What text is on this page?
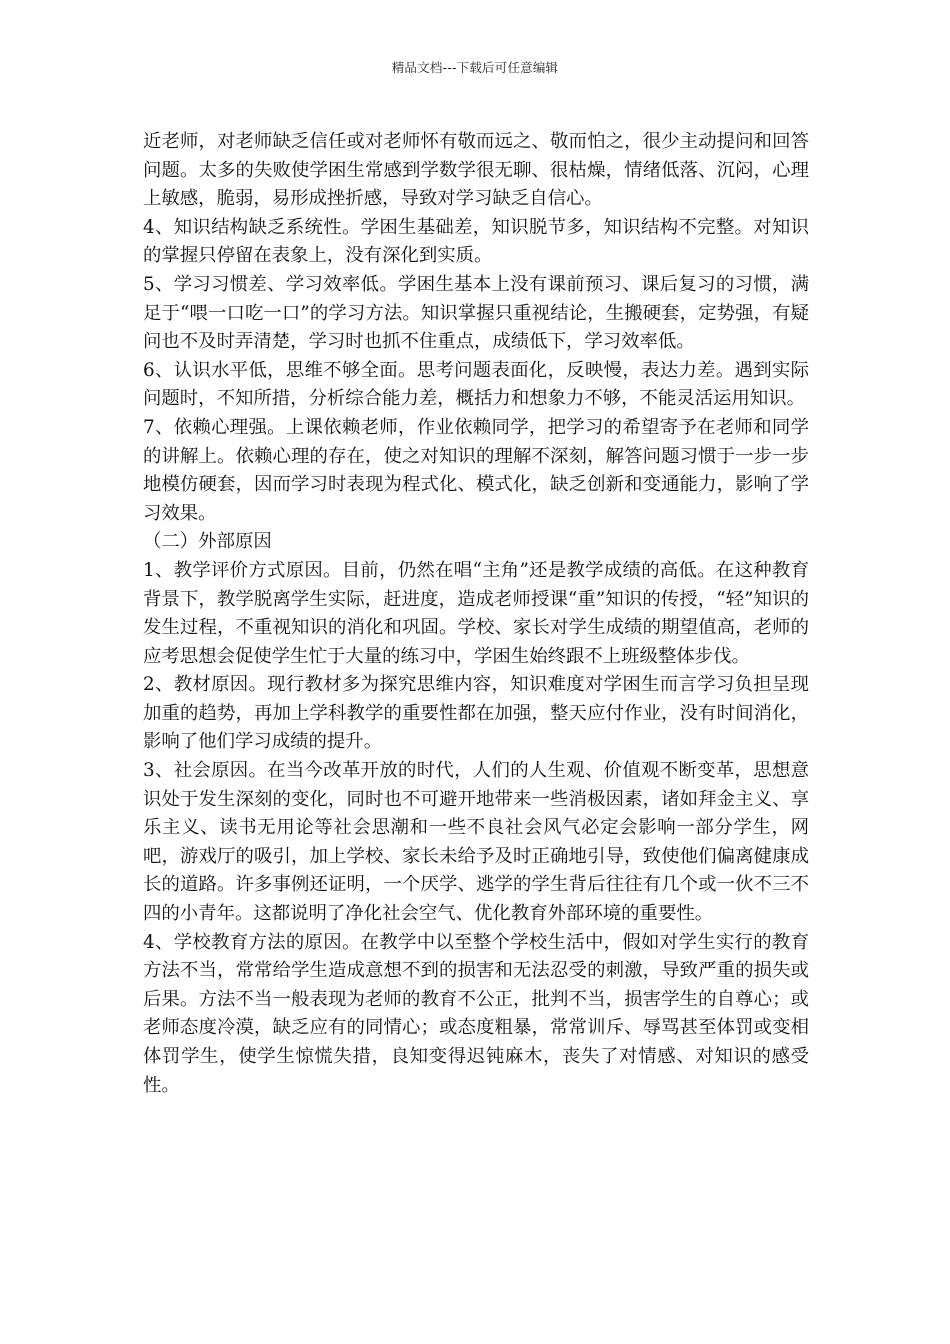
精品文档---下载后可任意编辑

近老师，对老师缺乏信任或对老师怀有敬而远之、敬而怕之，很少主动提问和回答问题。太多的失败使学困生常感到学数学很无聊、很枯燥，情绪低落、沉闷，心理上敏感，脆弱，易形成挫折感，导致对学习缺乏自信心。

4、知识结构缺乏系统性。学困生基础差，知识脱节多，知识结构不完整。对知识的掌握只停留在表象上，没有深化到实质。

5、学习习惯差、学习效率低。学困生基本上没有课前预习、课后复习的习惯，满足于“喂一口吃一口”的学习方法。知识掌握只重视结论，生搬硬套，定势强，有疑问也不及时弄清楚，学习时也抓不住重点，成绩低下，学习效率低。

6、认识水平低，思维不够全面。思考问题表面化，反映慢，表达力差。遇到实际问题时，不知所措，分析综合能力差，概括力和想象力不够，不能灵活运用知识。

7、依赖心理强。上课依赖老师，作业依赖同学，把学习的希望寄予在老师和同学的讲解上。依赖心理的存在，使之对知识的理解不深刻，解答问题习惯于一步一步地模仿硬套，因而学习时表现为程式化、模式化，缺乏创新和变通能力，影响了学习效果。

（二）外部原因

1、教学评价方式原因。目前，仍然在唱“主角”还是教学成绩的高低。在这种教育背景下，教学脱离学生实际，赶进度，造成老师授课“重”知识的传授，“轻”知识的发生过程，不重视知识的消化和巩固。学校、家长对学生成绩的期望值高，老师的应考思想会促使学生忙于大量的练习中，学困生始终跟不上班级整体步伐。

2、教材原因。现行教材多为探究思维内容，知识难度对学困生而言学习负担呈现加重的趋势，再加上学科教学的重要性都在加强，整天应付作业，没有时间消化，影响了他们学习成绩的提升。

3、社会原因。在当今改革开放的时代，人们的人生观、价值观不断变革，思想意识处于发生深刻的变化，同时也不可避开地带来一些消极因素，诸如拜金主义、享乐主义、读书无用论等社会思潮和一些不良社会风气必定会影响一部分学生，网吧，游戏厅的吸引，加上学校、家长未给予及时正确地引导，致使他们偏离健康成长的道路。许多事例还证明，一个厌学、逃学的学生背后往往有几个或一伙不三不四的小青年。这都说明了净化社会空气、优化教育外部环境的重要性。

4、学校教育方法的原因。在教学中以至整个学校生活中，假如对学生实行的教育方法不当，常常给学生造成意想不到的损害和无法忍受的刺激，导致严重的损失或后果。方法不当一般表现为老师的教育不公正，批判不当，损害学生的自尊心；或老师态度冷漠，缺乏应有的同情心；或态度粗暴，常常训斥、辱骂甚至体罚或变相体罚学生，使学生惊慌失措，良知变得迟钝麻木，丧失了对情感、对知识的感受性。
